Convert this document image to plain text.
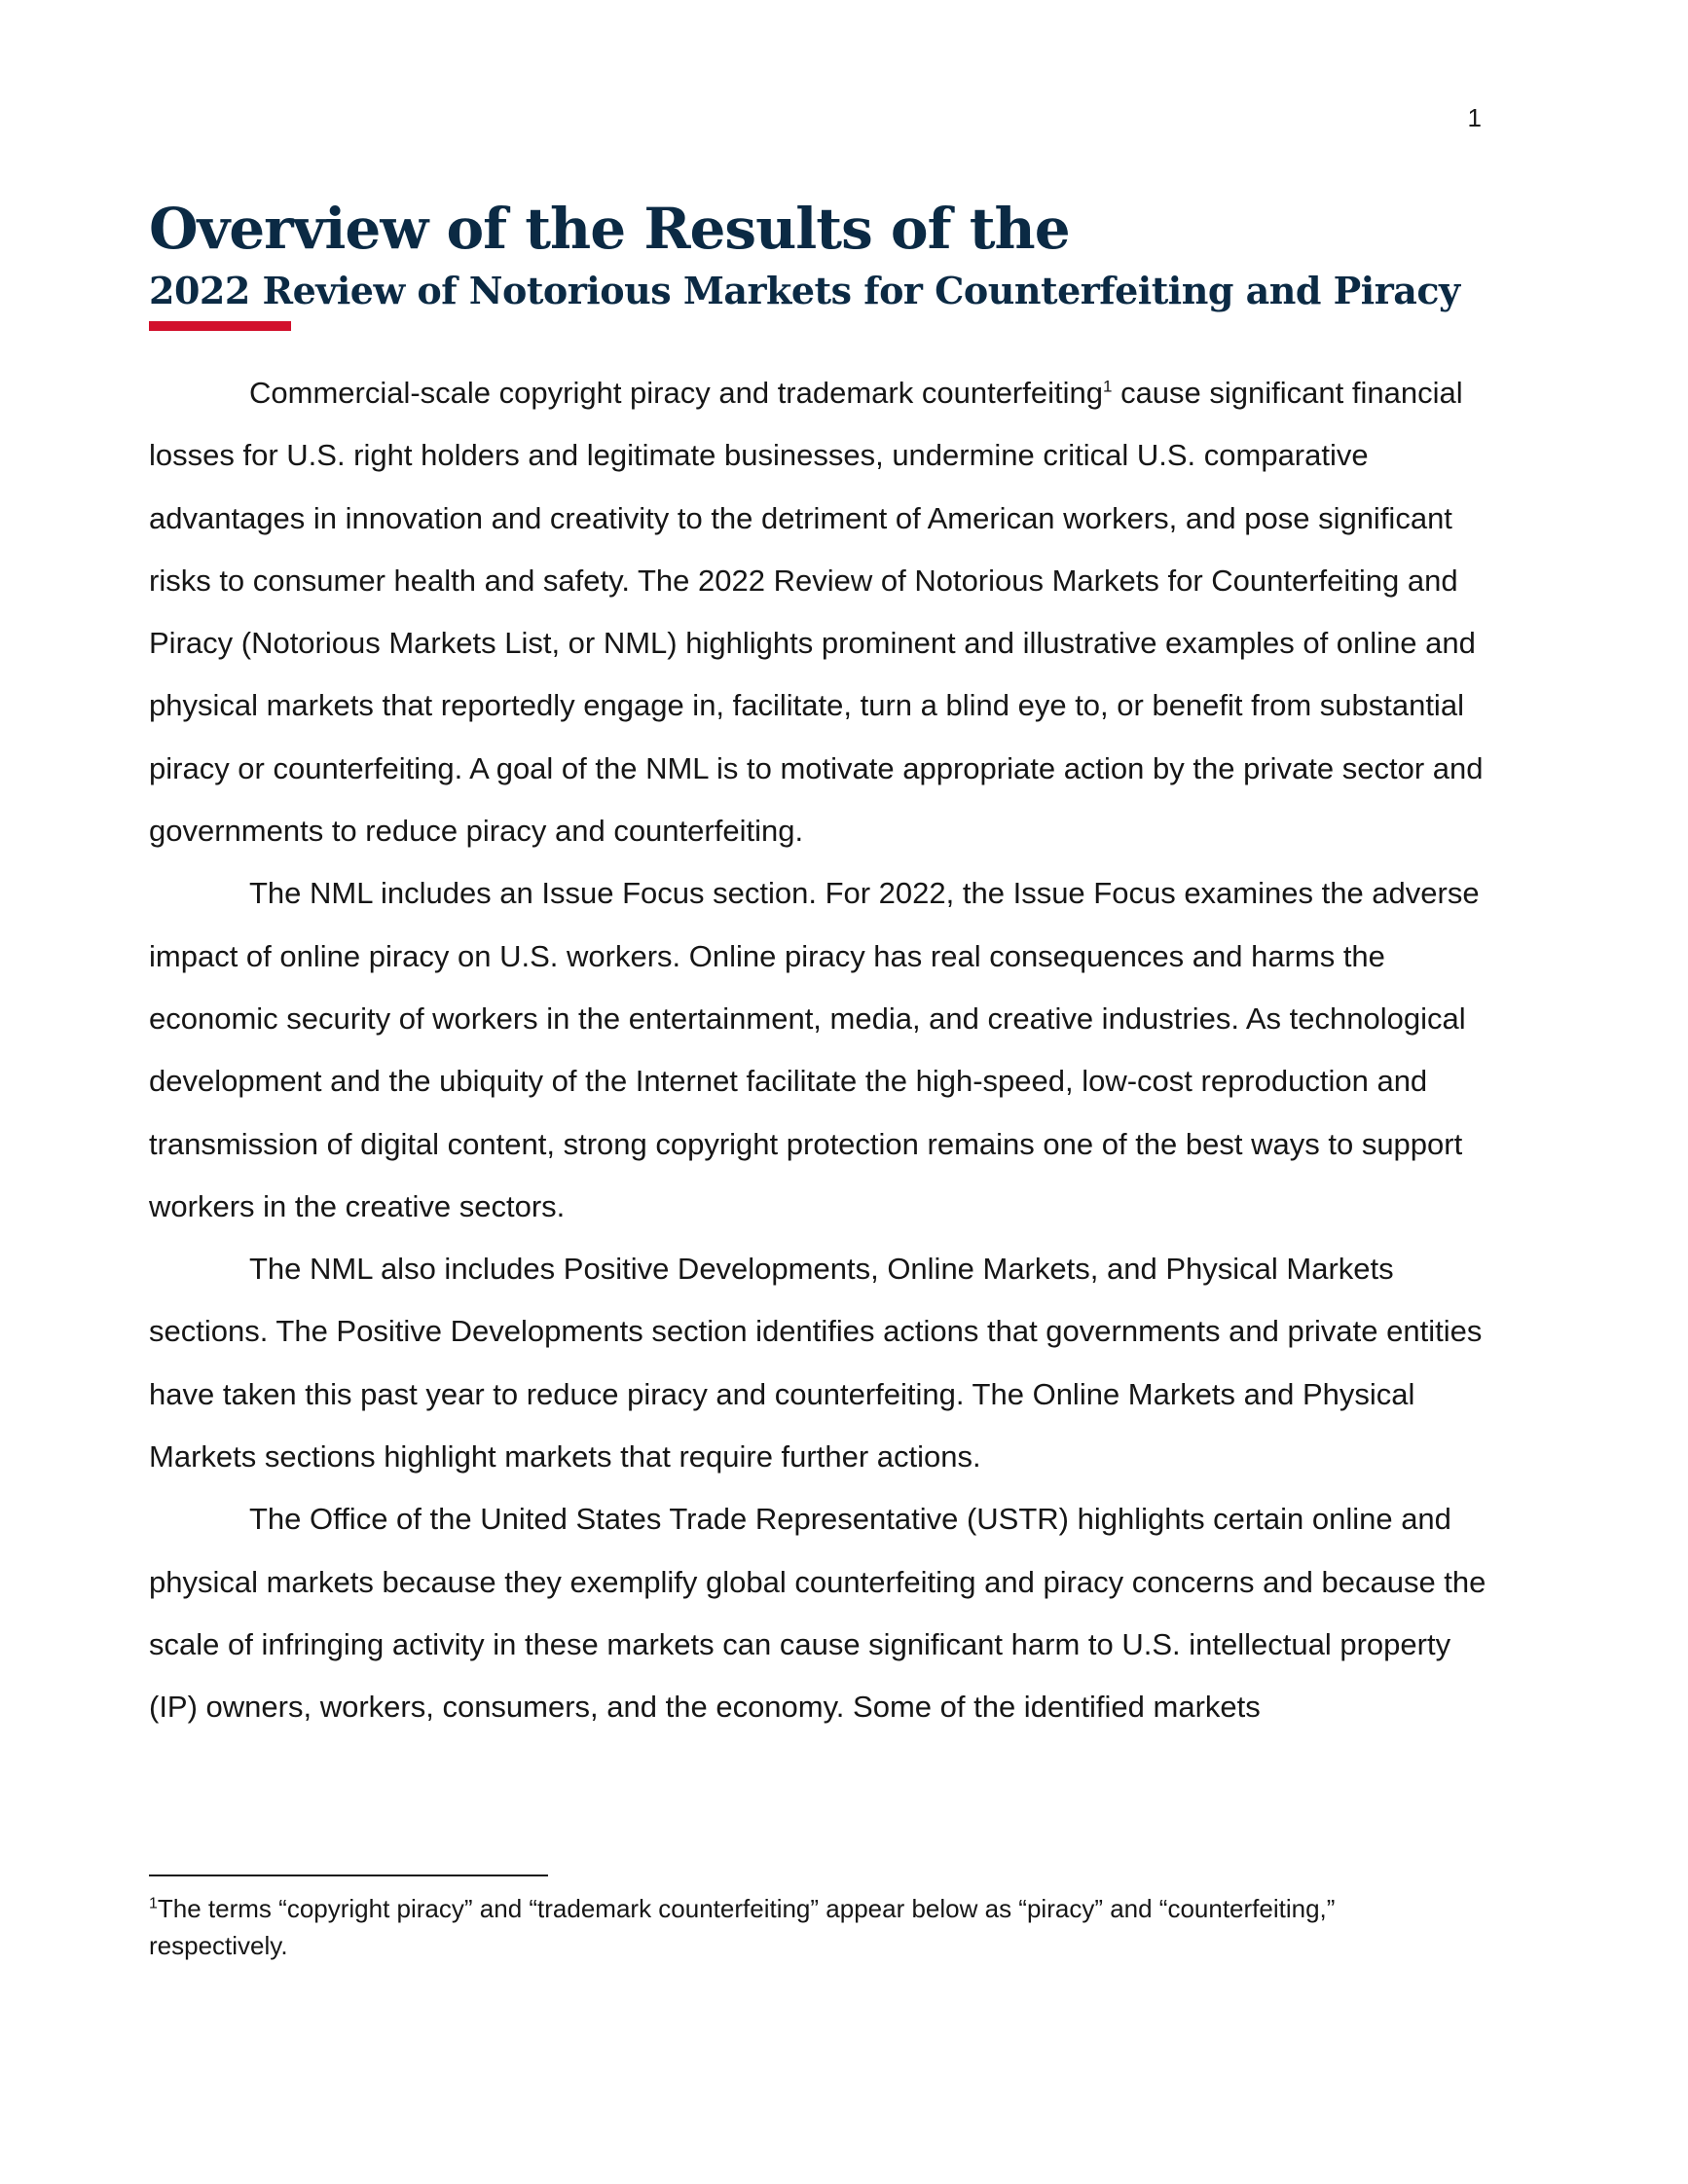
1
Overview of the Results of the
2022 Review of Notorious Markets for Counterfeiting and Piracy

Commercial-scale copyright piracy and trademark counterfeiting$^1$ cause significant financial losses for U.S. right holders and legitimate businesses, undermine critical U.S. comparative advantages in innovation and creativity to the detriment of American workers, and pose significant risks to consumer health and safety. The 2022 Review of Notorious Markets for Counterfeiting and Piracy (Notorious Markets List, or NML) highlights prominent and illustrative examples of online and physical markets that reportedly engage in, facilitate, turn a blind eye to, or benefit from substantial piracy or counterfeiting. A goal of the NML is to motivate appropriate action by the private sector and governments to reduce piracy and counterfeiting.

The NML includes an Issue Focus section. For 2022, the Issue Focus examines the adverse impact of online piracy on U.S. workers. Online piracy has real consequences and harms the economic security of workers in the entertainment, media, and creative industries. As technological development and the ubiquity of the Internet facilitate the high-speed, low-cost reproduction and transmission of digital content, strong copyright protection remains one of the best ways to support workers in the creative sectors.

The NML also includes Positive Developments, Online Markets, and Physical Markets sections. The Positive Developments section identifies actions that governments and private entities have taken this past year to reduce piracy and counterfeiting. The Online Markets and Physical Markets sections highlight markets that require further actions.

The Office of the United States Trade Representative (USTR) highlights certain online and physical markets because they exemplify global counterfeiting and piracy concerns and because the scale of infringing activity in these markets can cause significant harm to U.S. intellectual property (IP) owners, workers, consumers, and the economy. Some of the identified markets

$^1$The terms “copyright piracy” and “trademark counterfeiting” appear below as “piracy” and “counterfeiting,” respectively.
